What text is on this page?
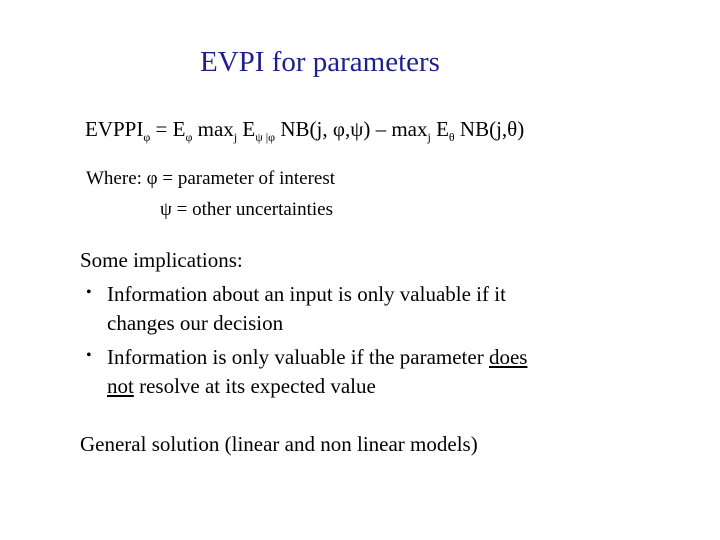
EVPI for parameters
$EVPPI_\varphi = E_\varphi$ $\max_j E_{\psi |\varphi}$ NB(j, $\varphi,\psi) - \max_j E_\theta$ NB(j,θ)
Where: φ = parameter of interest
ψ = other uncertainties
Some implications:
• Information about an input is only valuable if it
changes our decision
• Information is only valuable if the parameter does
not resolve at its expected value
General solution (linear and non linear models)
